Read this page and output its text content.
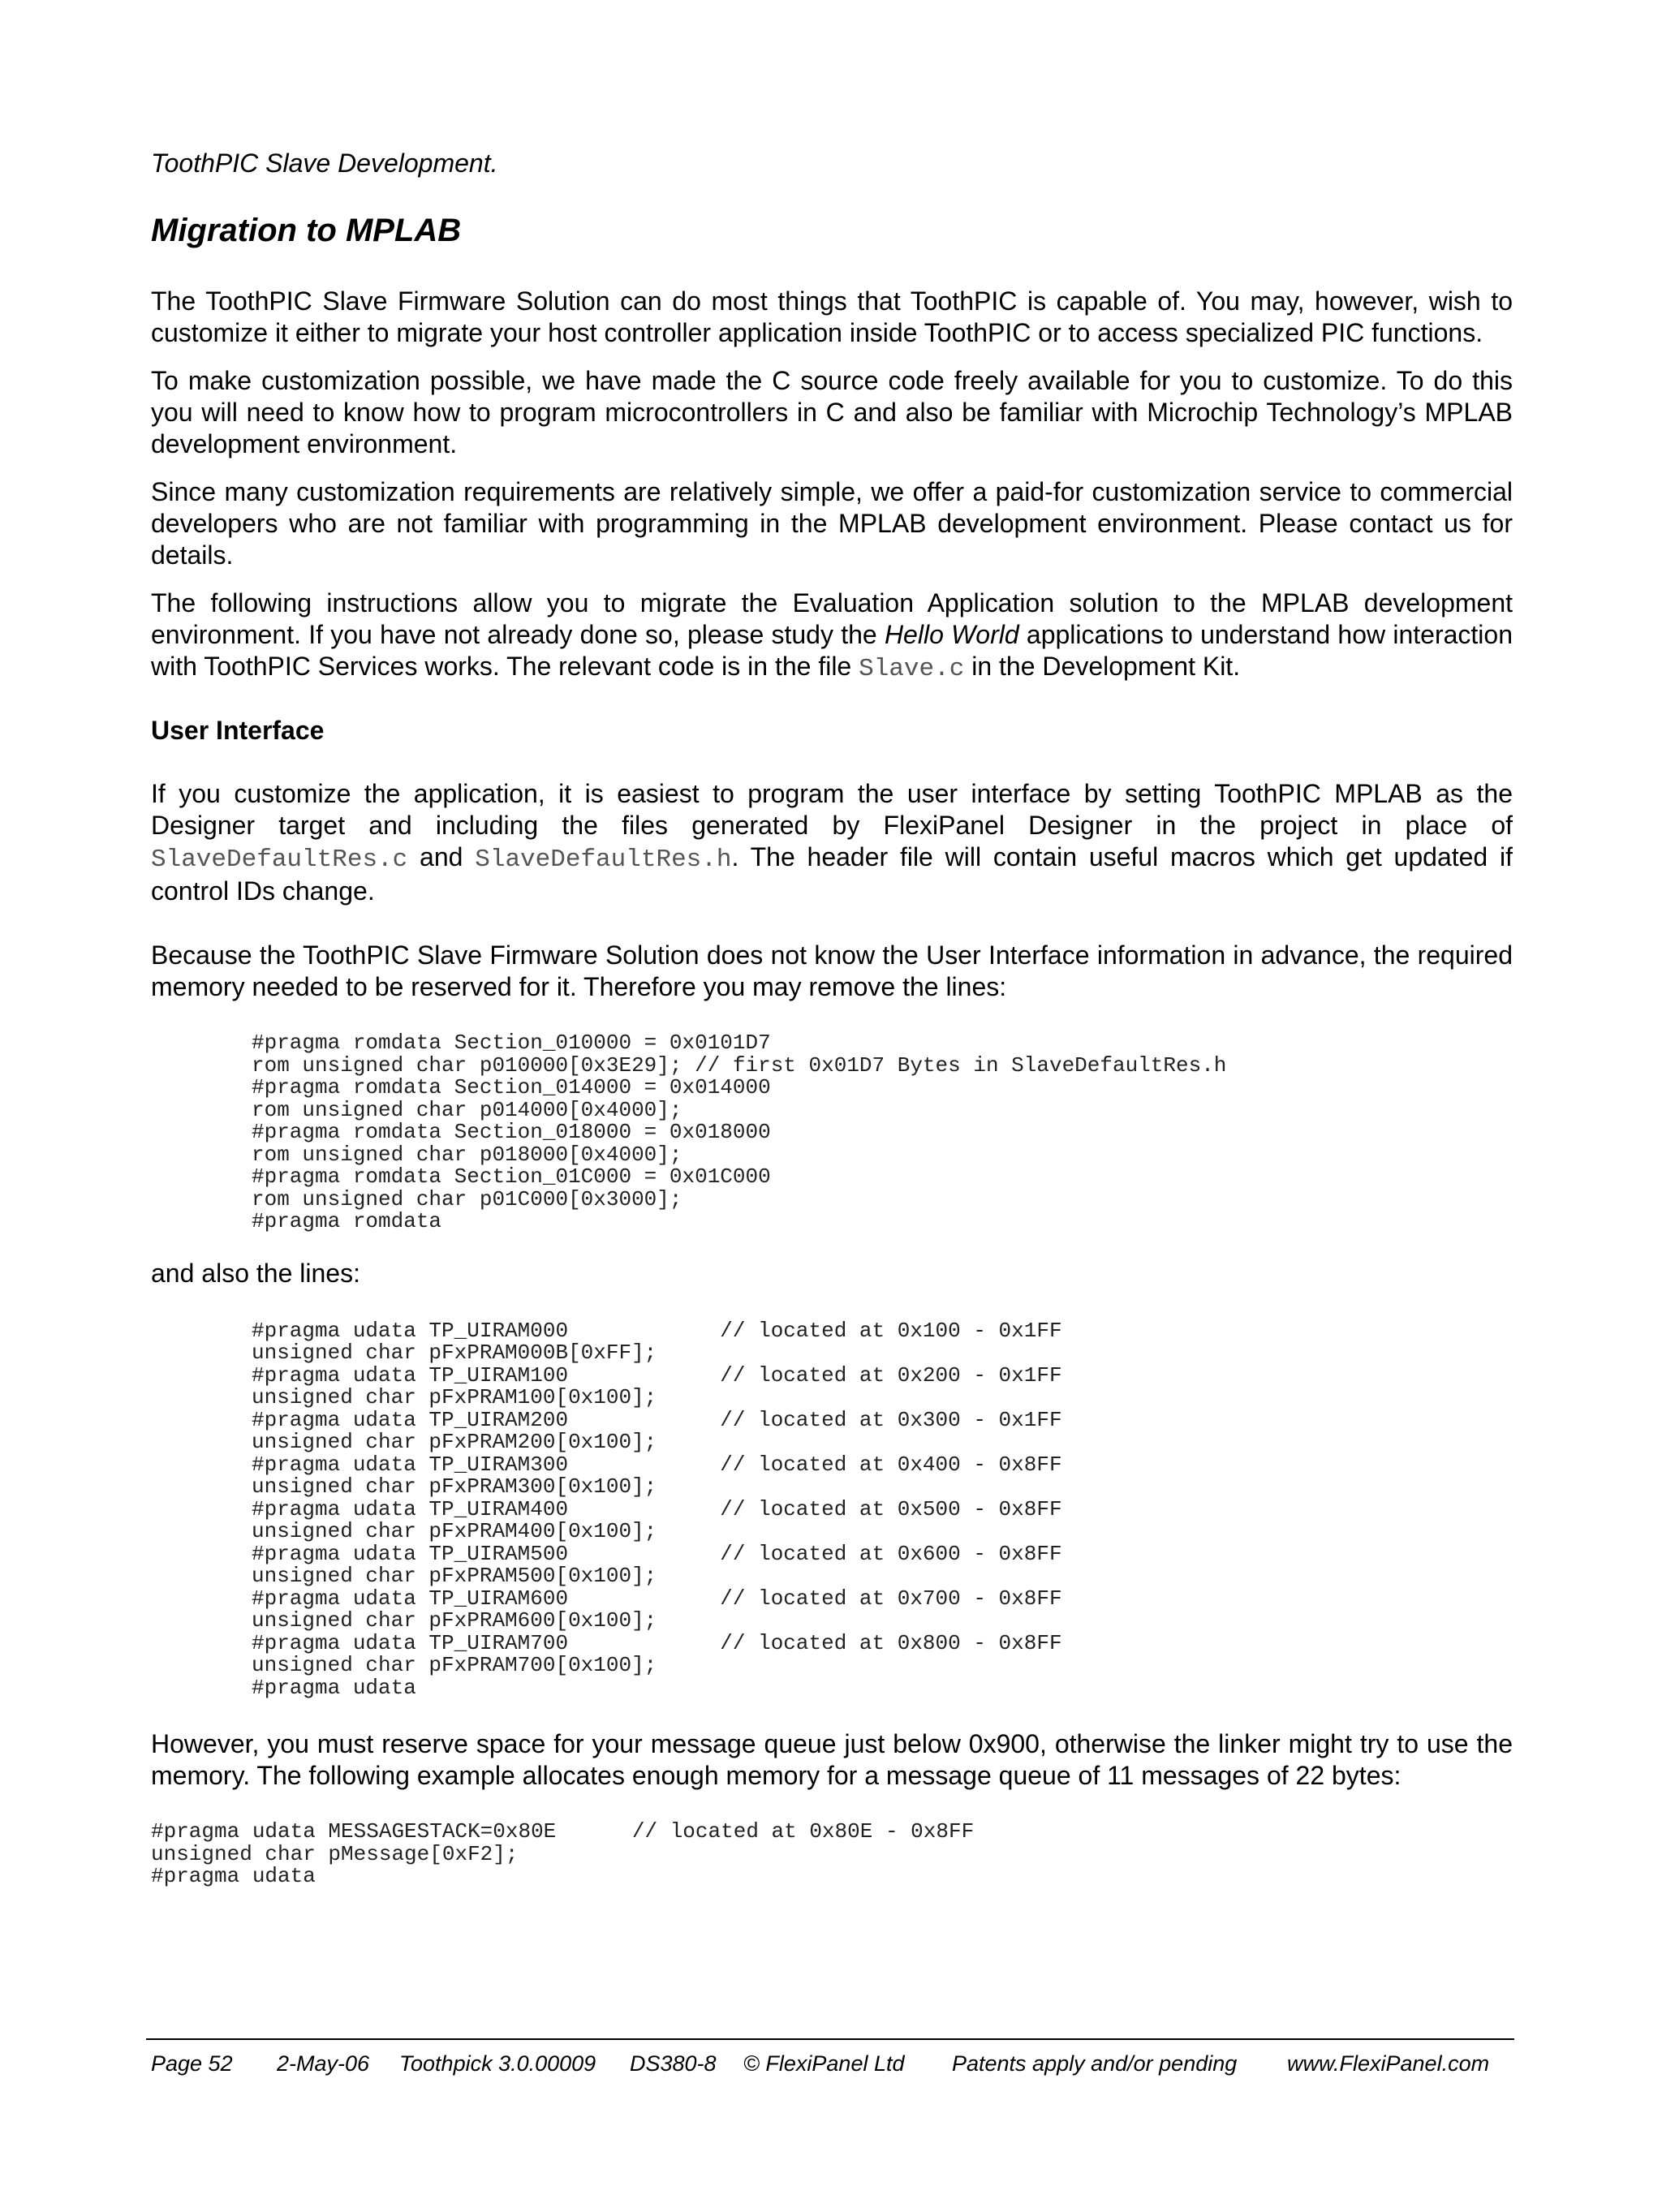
ToothPIC Slave Development.

Migration to MPLAB

The ToothPIC Slave Firmware Solution can do most things that ToothPIC is capable of. You may, however, wish to customize it either to migrate your host controller application inside ToothPIC or to access specialized PIC functions.

To make customization possible, we have made the C source code freely available for you to customize. To do this you will need to know how to program microcontrollers in C and also be familiar with Microchip Technology’s MPLAB development environment.

Since many customization requirements are relatively simple, we offer a paid-for customization service to commercial developers who are not familiar with programming in the MPLAB development environment. Please contact us for details.

The following instructions allow you to migrate the Evaluation Application solution to the MPLAB development environment. If you have not already done so, please study the Hello World applications to understand how interaction with ToothPIC Services works. The relevant code is in the file Slave.c in the Development Kit.

User Interface

If you customize the application, it is easiest to program the user interface by setting ToothPIC MPLAB as the Designer target and including the files generated by FlexiPanel Designer in the project in place of SlaveDefaultRes.c and SlaveDefaultRes.h. The header file will contain useful macros which get updated if control IDs change.

Because the ToothPIC Slave Firmware Solution does not know the User Interface information in advance, the required memory needed to be reserved for it. Therefore you may remove the lines:

#pragma romdata Section_010000 = 0x0101D7
rom unsigned char p010000[0x3E29]; // first 0x01D7 Bytes in SlaveDefaultRes.h
#pragma romdata Section_014000 = 0x014000
rom unsigned char p014000[0x4000];
#pragma romdata Section_018000 = 0x018000
rom unsigned char p018000[0x4000];
#pragma romdata Section_01C000 = 0x01C000
rom unsigned char p01C000[0x3000];
#pragma romdata

and also the lines:

#pragma udata TP_UIRAM000            // located at 0x100 - 0x1FF
unsigned char pFxPRAM000B[0xFF];
#pragma udata TP_UIRAM100            // located at 0x200 - 0x1FF
unsigned char pFxPRAM100[0x100];
#pragma udata TP_UIRAM200            // located at 0x300 - 0x1FF
unsigned char pFxPRAM200[0x100];
#pragma udata TP_UIRAM300            // located at 0x400 - 0x8FF
unsigned char pFxPRAM300[0x100];
#pragma udata TP_UIRAM400            // located at 0x500 - 0x8FF
unsigned char pFxPRAM400[0x100];
#pragma udata TP_UIRAM500            // located at 0x600 - 0x8FF
unsigned char pFxPRAM500[0x100];
#pragma udata TP_UIRAM600            // located at 0x700 - 0x8FF
unsigned char pFxPRAM600[0x100];
#pragma udata TP_UIRAM700            // located at 0x800 - 0x8FF
unsigned char pFxPRAM700[0x100];
#pragma udata

However, you must reserve space for your message queue just below 0x900, otherwise the linker might try to use the memory. The following example allocates enough memory for a message queue of 11 messages of 22 bytes:

#pragma udata MESSAGESTACK=0x80E      // located at 0x80E - 0x8FF
unsigned char pMessage[0xF2];
#pragma udata
Page 52 2-May-06 Toothpick 3.0.00009 DS380-8 © FlexiPanel Ltd Patents apply and/or pending www.FlexiPanel.com
